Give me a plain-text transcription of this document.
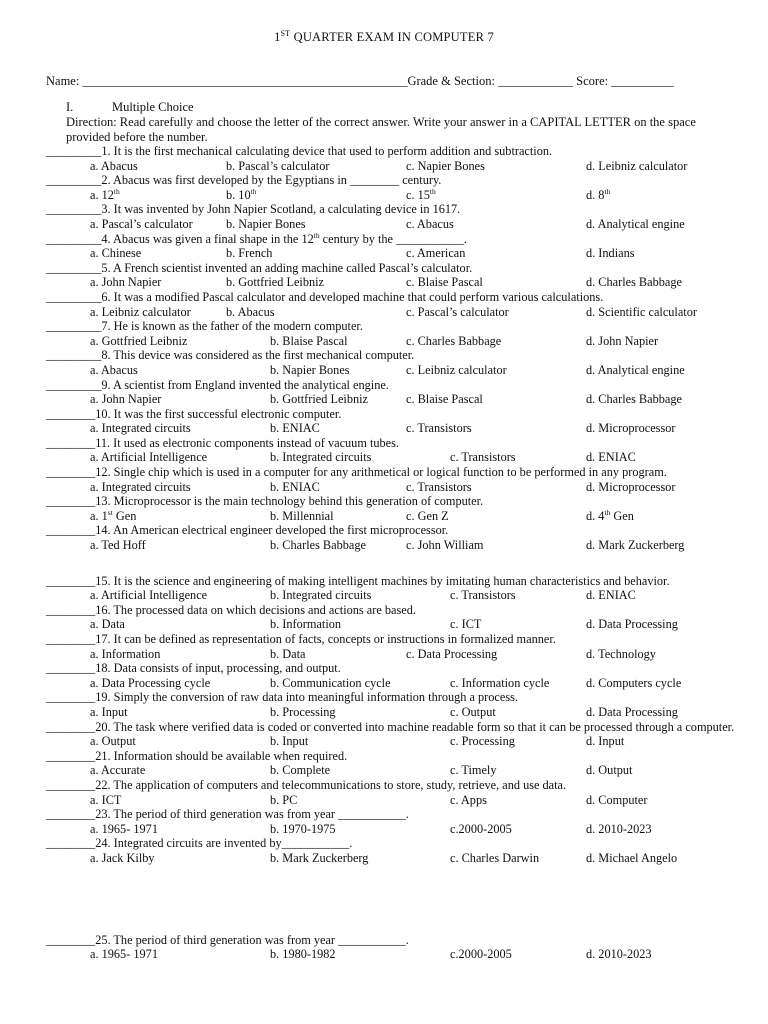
1ST QUARTER EXAM IN COMPUTER 7
Name: ____________________________________________________Grade & Section: ____________ Score: __________
I.	Multiple Choice
Direction: Read carefully and choose the letter of the correct answer. Write your answer in a CAPITAL LETTER on the space provided before the number.
_________1. It is the first mechanical calculating device that used to perform addition and subtraction.
a. Abacus	b. Pascal’s calculator	c. Napier Bones	d. Leibniz calculator
_________2. Abacus was first developed by the Egyptians in ________ century.
a. 12th	b. 10th	c. 15th	d. 8th
_________3. It was invented by John Napier Scotland, a calculating device in 1617.
a. Pascal’s calculator	b. Napier Bones	c. Abacus	d. Analytical engine
_________4. Abacus was given a final shape in the 12th century by the ___________.
a. Chinese	b. French	c. American	d. Indians
_________5. A French scientist invented an adding machine called Pascal’s calculator.
a. John Napier	b. Gottfried Leibniz	c. Blaise Pascal	d. Charles Babbage
_________6. It was a modified Pascal calculator and developed machine that could perform various calculations.
a. Leibniz calculator	b. Abacus	c. Pascal’s calculator	d. Scientific calculator
_________7. He is known as the father of the modern computer.
a. Gottfried Leibniz	b. Blaise Pascal	c. Charles Babbage	d. John Napier
_________8. This device was considered as the first mechanical computer.
a. Abacus	b. Napier Bones	c. Leibniz calculator	d. Analytical engine
_________9. A scientist from England invented the analytical engine.
a. John Napier	b. Gottfried Leibniz	c. Blaise Pascal	d. Charles Babbage
________10. It was the first successful electronic computer.
a. Integrated circuits	b. ENIAC	c. Transistors	d. Microprocessor
________11. It used as electronic components instead of vacuum tubes.
a. Artificial Intelligence	b. Integrated circuits	c. Transistors	d. ENIAC
________12. Single chip which is used in a computer for any arithmetical or logical function to be performed in any program.
a. Integrated circuits	b. ENIAC	c. Transistors	d. Microprocessor
________13. Microprocessor is the main technology behind this generation of computer.
a. 1st Gen	b. Millennial	c. Gen Z	d. 4th Gen
________14. An American electrical engineer developed the first microprocessor.
a. Ted Hoff	b. Charles Babbage	c. John William	d. Mark Zuckerberg
________15. It is the science and engineering of making intelligent machines by imitating human characteristics and behavior.
a. Artificial Intelligence	b. Integrated circuits	c. Transistors	d. ENIAC
________16. The processed data on which decisions and actions are based.
a. Data	b. Information	c. ICT	d. Data Processing
________17. It can be defined as representation of facts, concepts or instructions in formalized manner.
a. Information	b. Data	c. Data Processing	d. Technology
________18. Data consists of input, processing, and output.
a. Data Processing cycle	b. Communication cycle	c. Information cycle	d. Computers cycle
________19. Simply the conversion of raw data into meaningful information through a process.
a. Input	b. Processing	c. Output	d. Data Processing
________20. The task where verified data is coded or converted into machine readable form so that it can be processed through a computer.
a. Output	b. Input	c. Processing	d. Input
________21. Information should be available when required.
a. Accurate	b. Complete	c. Timely	d. Output
________22. The application of computers and telecommunications to store, study, retrieve, and use data.
a. ICT	b. PC	c. Apps	d. Computer
________23. The period of third generation was from year ___________.
a. 1965- 1971	b. 1970-1975	c.2000-2005	d. 2010-2023
________24. Integrated circuits are invented by___________.
a. Jack Kilby	b. Mark Zuckerberg	c. Charles Darwin	d. Michael Angelo
________25. The period of third generation was from year ___________.
a. 1965- 1971	b. 1980-1982	c.2000-2005	d. 2010-2023
